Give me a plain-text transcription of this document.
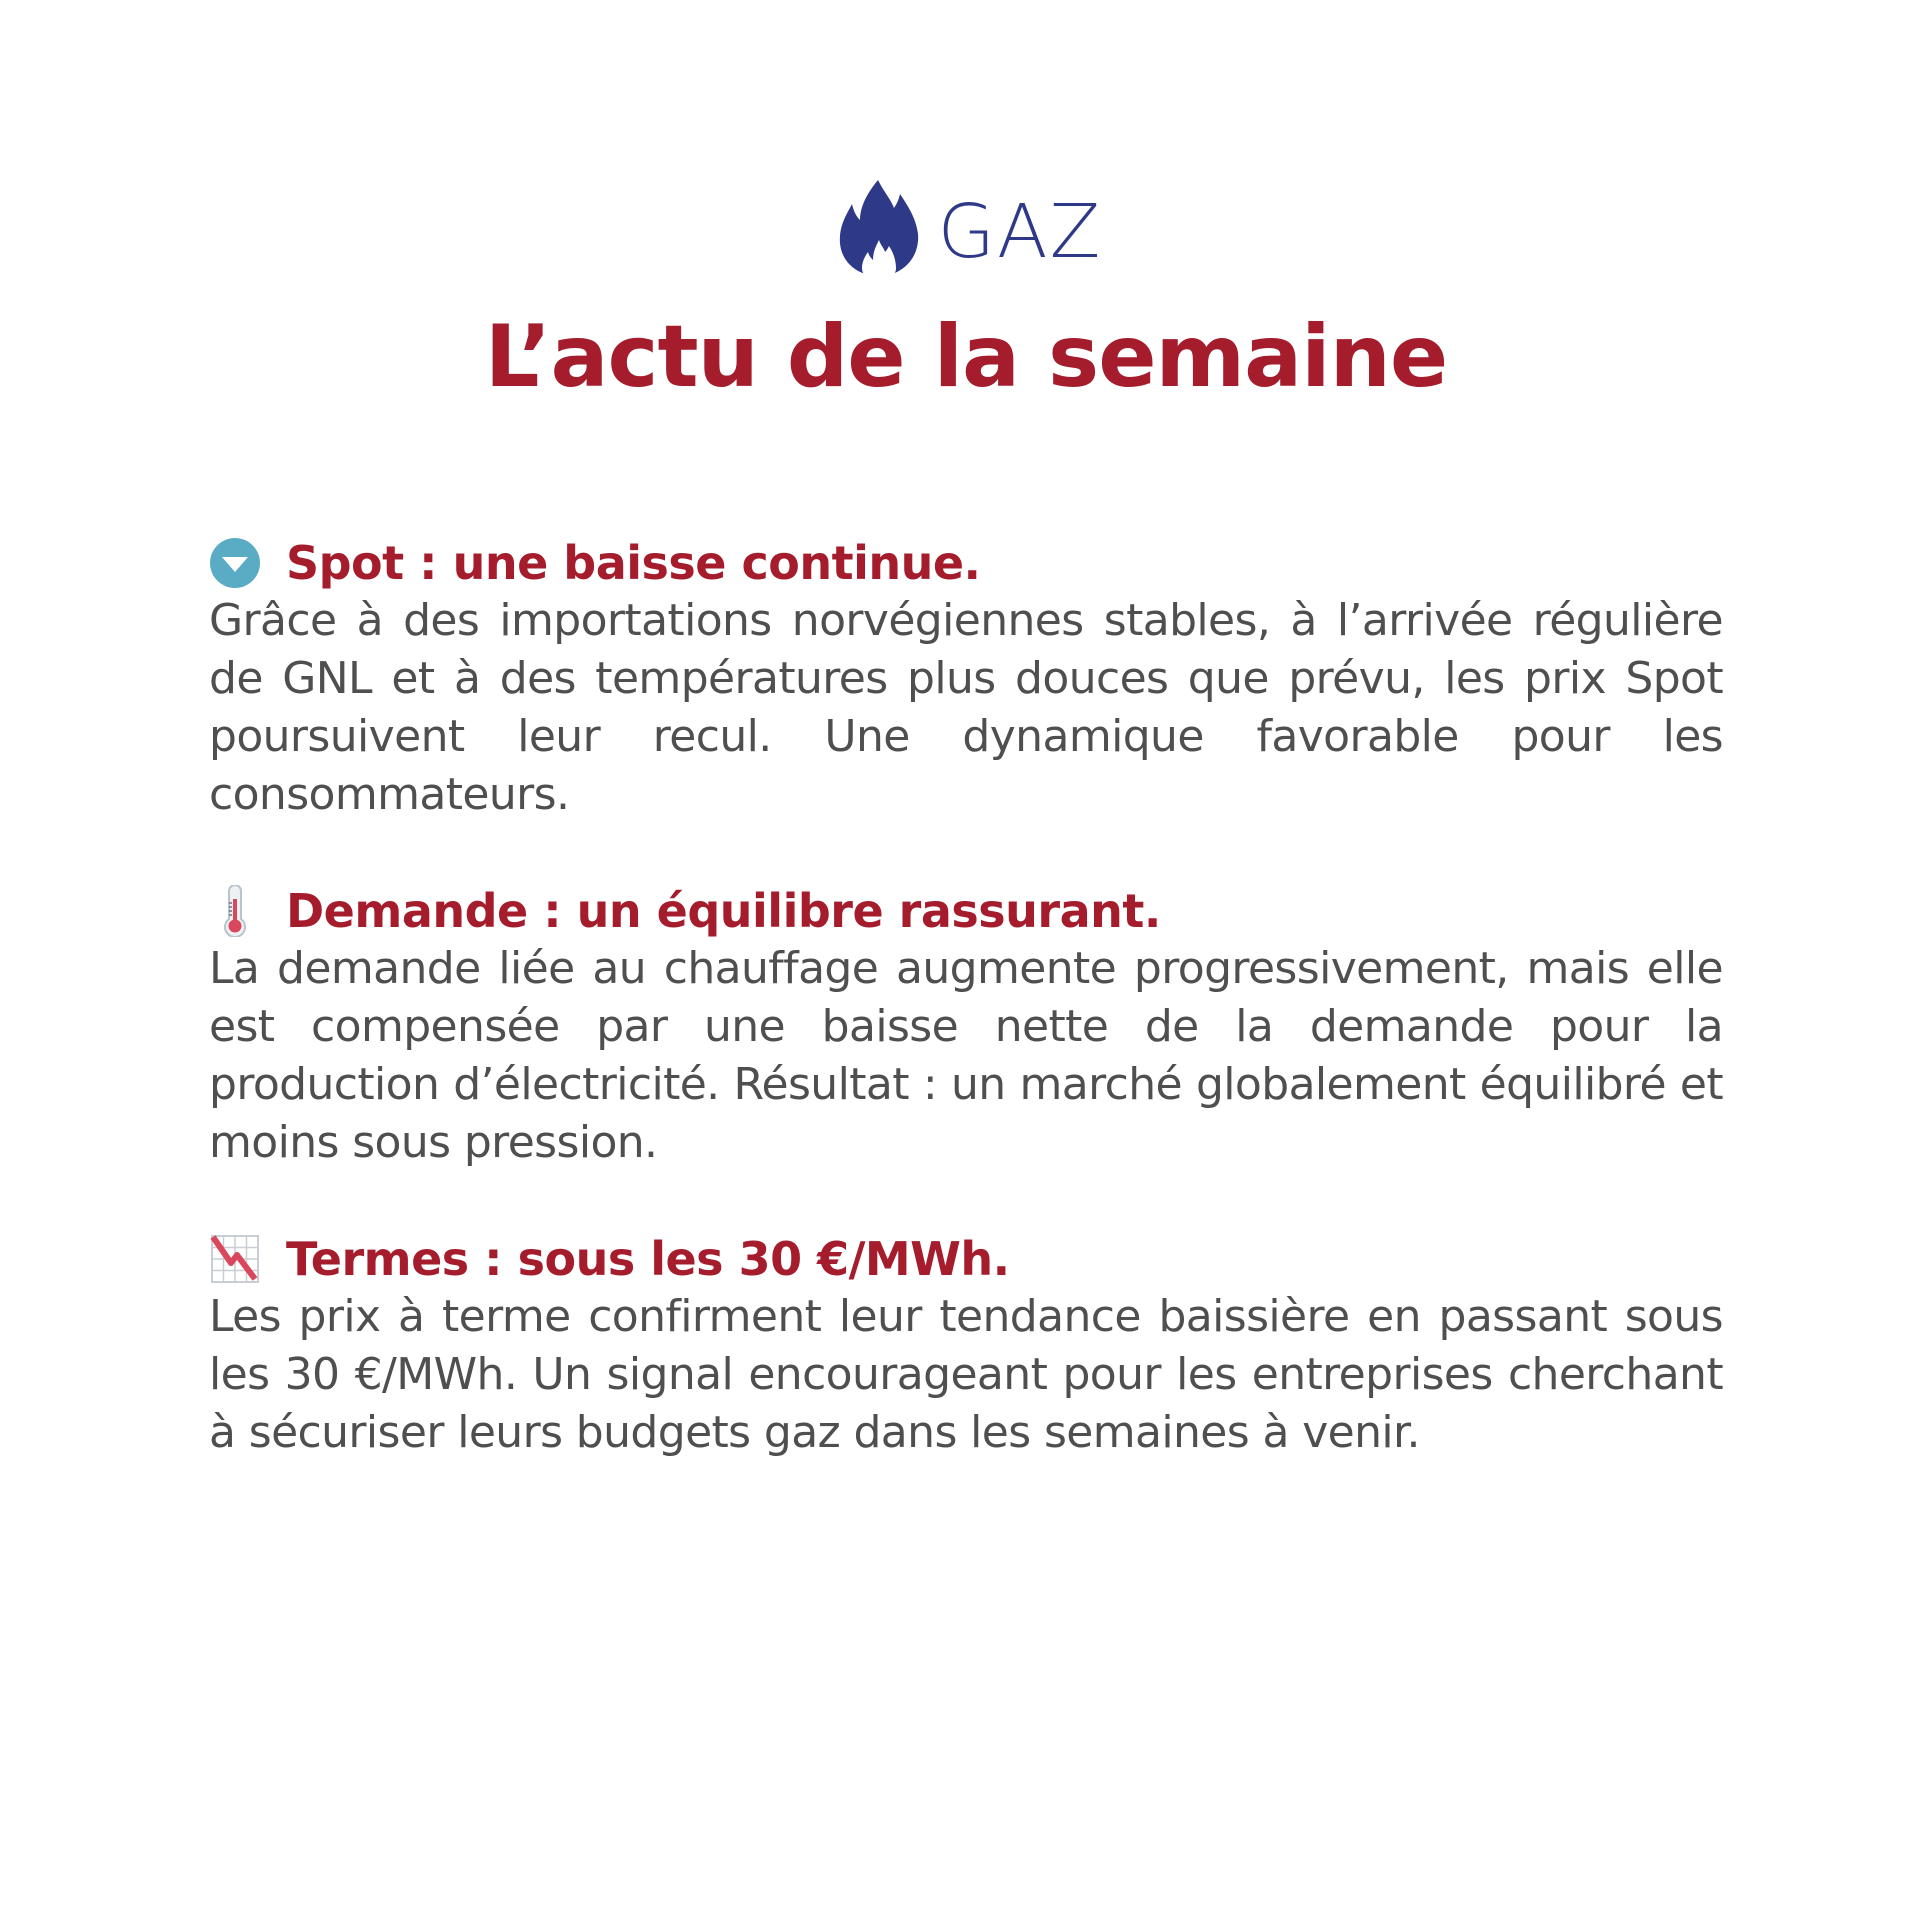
GAZ
L’actu de la semaine
Spot : une baisse continue.

Grâce à des importations norvégiennes stables, à l’arrivée régulière de GNL et à des températures plus douces que prévu, les prix Spot poursuivent leur recul. Une dynamique favorable pour les consommateurs.

Demande : un équilibre rassurant.

La demande liée au chauffage augmente progressivement, mais elle est compensée par une baisse nette de la demande pour la production d’électricité. Résultat : un marché globalement équilibré et moins sous pression.

Termes : sous les 30 €/MWh.

Les prix à terme confirment leur tendance baissière en passant sous les 30 €/MWh. Un signal encourageant pour les entreprises cherchant à sécuriser leurs budgets gaz dans les semaines à venir.
